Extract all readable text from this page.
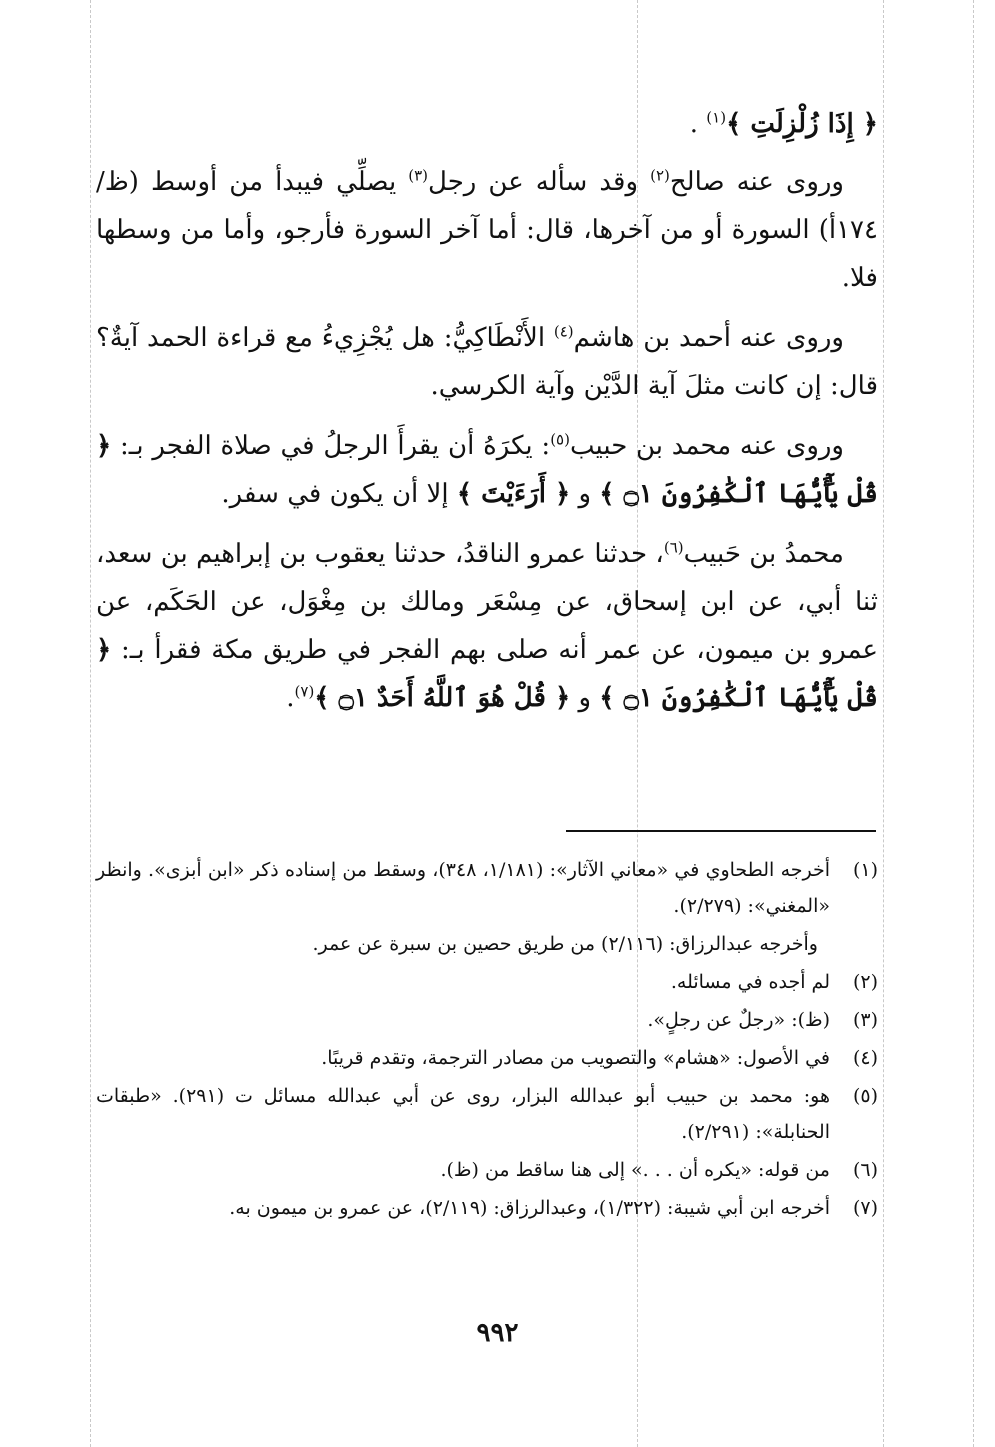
﴿ إِذَا زُلْزِلَتِ ﴾$^{(١)}$ .

وروى عنه صالح$^{(٢)}$ وقد سأله عن رجل$^{(٣)}$ يصلِّي فيبدأ من أوسط (ظ/١٧٤أ) السورة أو من آخرها، قال: أما آخر السورة فأرجو، وأما من وسطها فلا.

وروى عنه أحمد بن هاشم$^{(٤)}$ الأَنْطَاكِيُّ: هل يُجْزِيءُ مع قراءة الحمد آيةٌ؟ قال: إن كانت مثلَ آية الدَّيْن وآية الكرسي.

وروى عنه محمد بن حبيب$^{(٥)}$: يكرَهُ أن يقرأَ الرجلُ في صلاة الفجر بـ: ﴿ قُلْ يَٰٓأَيُّهَا ٱلْكَٰفِرُونَ ۝١ ﴾ و ﴿ أَرَءَيْتَ ﴾ إلا أن يكون في سفر.

محمدُ بن حَبيب$^{(٦)}$، حدثنا عمرو الناقدُ، حدثنا يعقوب بن إبراهيم بن سعد، ثنا أبي، عن ابن إسحاق، عن مِسْعَر ومالك بن مِغْوَل، عن الحَكَم، عن عمرو بن ميمون، عن عمر أنه صلى بهم الفجر في طريق مكة فقرأ بـ: ﴿ قُلْ يَٰٓأَيُّهَا ٱلْكَٰفِرُونَ ۝١ ﴾ و ﴿ قُلْ هُوَ ٱللَّهُ أَحَدٌ ۝١ ﴾$^{(٧)}$.

(١)
أخرجه الطحاوي في «معاني الآثار»: (١/١٨١، ٣٤٨)، وسقط من إسناده ذكر «ابن أبزى». وانظر «المغني»: (٢/٢٧٩).
وأخرجه عبدالرزاق: (٢/١١٦) من طريق حصين بن سبرة عن عمر.
(٢)
لم أجده في مسائله.
(٣)
(ظ): «رجلٌ عن رجلٍ».
(٤)
في الأصول: «هشام» والتصويب من مصادر الترجمة، وتقدم قريبًا.
(٥)
هو: محمد بن حبيب أبو عبدالله البزار، روى عن أبي عبدالله مسائل ت (٢٩١). «طبقات الحنابلة»: (٢/٢٩١).
(٦)
من قوله: «يكره أن . . .» إلى هنا ساقط من (ظ).
(٧)
أخرجه ابن أبي شيبة: (١/٣٢٢)، وعبدالرزاق: (٢/١١٩)، عن عمرو بن ميمون به.
٩٩٢
